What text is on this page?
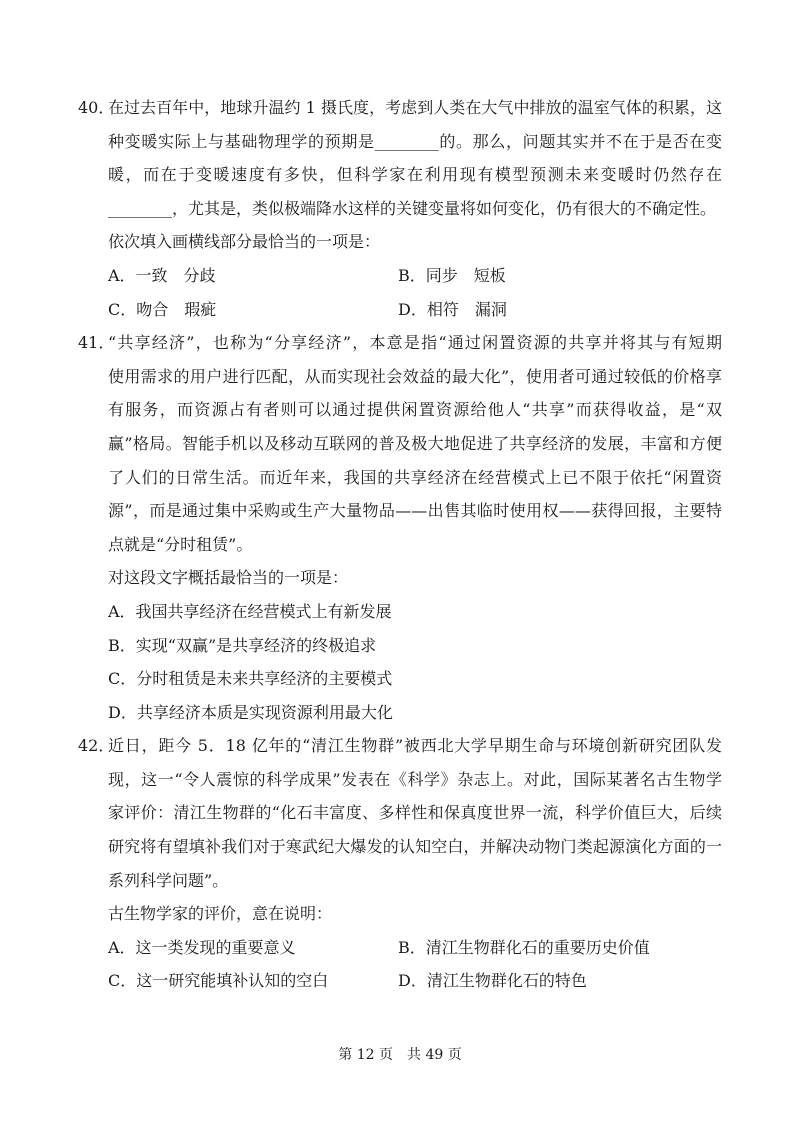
40．
在过去百年中，地球升温约 1 摄氏度，考虑到人类在大气中排放的温室气体的积累，这
种变暖实际上与基础物理学的预期是________的。那么，问题其实并不在于是否在变
暖，而在于变暖速度有多快，但科学家在利用现有模型预测未来变暖时仍然存在
________，尤其是，类似极端降水这样的关键变量将如何变化，仍有很大的不确定性。
依次填入画横线部分最恰当的一项是：
A．一致　分歧	B．同步　短板
C．吻合　瑕疵	D．相符　漏洞
41．
“共享经济”，也称为“分享经济”，本意是指“通过闲置资源的共享并将其与有短期
使用需求的用户进行匹配，从而实现社会效益的最大化”，使用者可通过较低的价格享
有服务，而资源占有者则可以通过提供闲置资源给他人“共享”而获得收益，是“双
赢”格局。智能手机以及移动互联网的普及极大地促进了共享经济的发展，丰富和方便
了人们的日常生活。而近年来，我国的共享经济在经营模式上已不限于依托“闲置资
源”，而是通过集中采购或生产大量物品——出售其临时使用权——获得回报，主要特
点就是“分时租赁”。
对这段文字概括最恰当的一项是：
A．我国共享经济在经营模式上有新发展
B．实现“双赢”是共享经济的终极追求
C．分时租赁是未来共享经济的主要模式
D．共享经济本质是实现资源利用最大化
42．
近日，距今 5．18 亿年的“清江生物群”被西北大学早期生命与环境创新研究团队发
现，这一“令人震惊的科学成果”发表在《科学》杂志上。对此，国际某著名古生物学
家评价：清江生物群的“化石丰富度、多样性和保真度世界一流，科学价值巨大，后续
研究将有望填补我们对于寒武纪大爆发的认知空白，并解决动物门类起源演化方面的一
系列科学问题”。
古生物学家的评价，意在说明：
A．这一类发现的重要意义	B．清江生物群化石的重要历史价值
C．这一研究能填补认知的空白	D．清江生物群化石的特色
第 12 页　共 49 页
